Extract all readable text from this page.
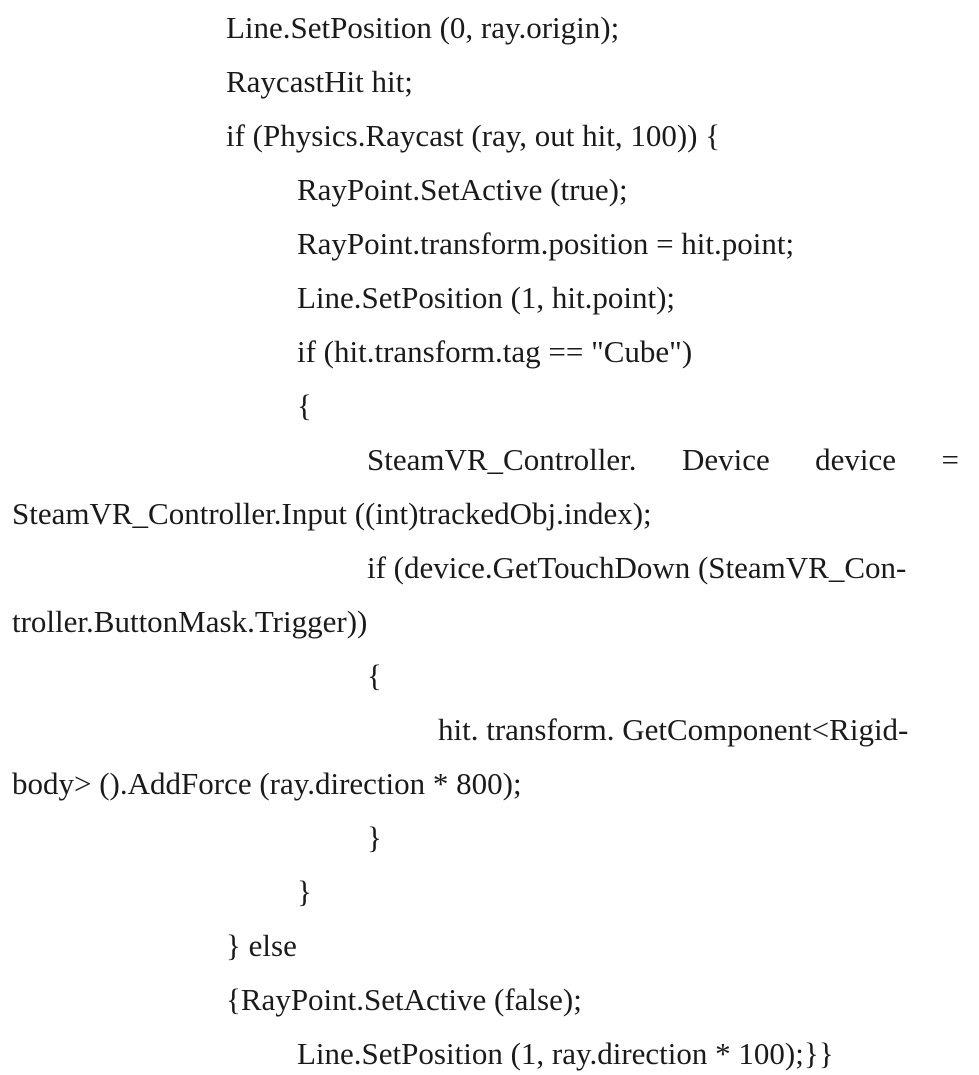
Line.SetPosition (0, ray.origin);
RaycastHit hit;
if (Physics.Raycast (ray, out hit, 100)) {
RayPoint.SetActive (true);
RayPoint.transform.position = hit.point;
Line.SetPosition (1, hit.point);
if (hit.transform.tag == "Cube")
{
SteamVR_Controller. Device device =
SteamVR_Controller.Input ((int)trackedObj.index);
if (device.GetTouchDown (SteamVR_Con-
troller.ButtonMask.Trigger))
{
hit. transform. GetComponent<Rigid-
body> ().AddForce (ray.direction * 800);
}
}
} else
{RayPoint.SetActive (false);
Line.SetPosition (1, ray.direction * 100);}}
